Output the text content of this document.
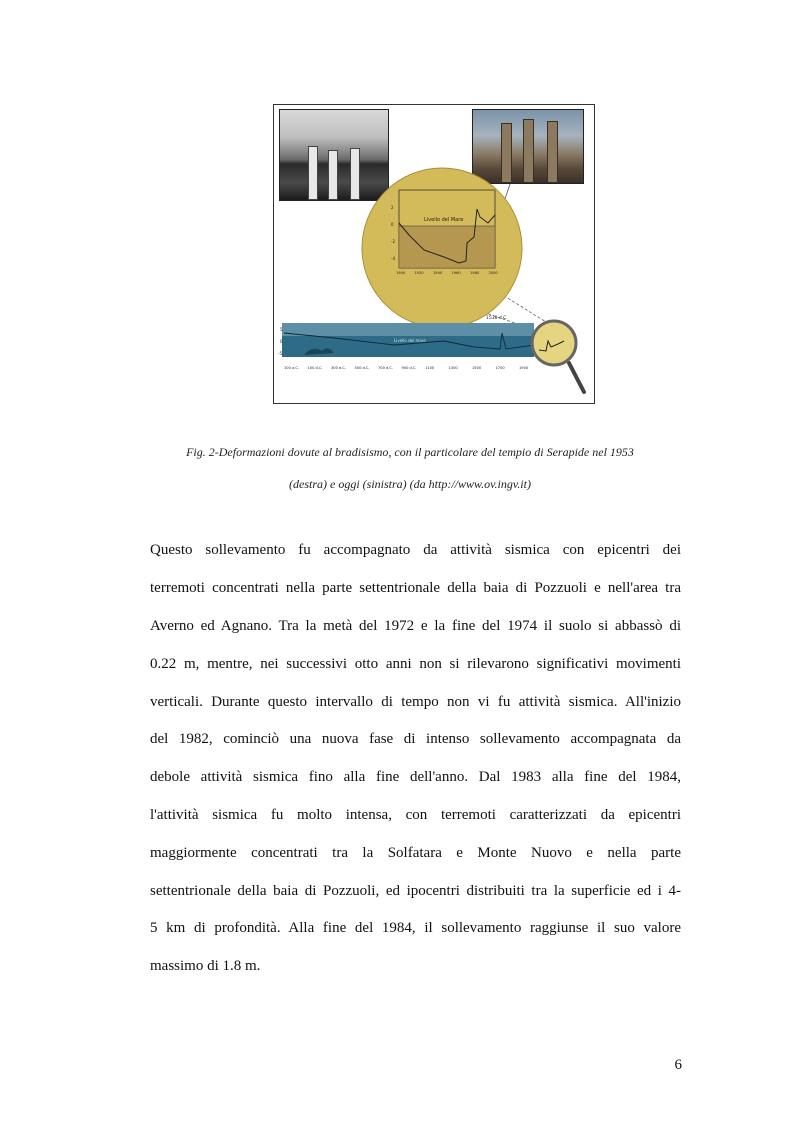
Livello del Mare
2
0
-2
-4
1900	1920	1940	1960	1980	2000
Livello del mare
1538 d.C.
5
0
-5
100 a.C. 100 d.C. 300 d.C. 500 d.C. 700 d.C. 900 d.C. 1100	1300	1500	1700	1900
Fig. 2-Deformazioni dovute al bradisismo, con il particolare del tempio di Serapide nel 1953
(destra) e oggi (sinistra) (da http://www.ov.ingv.it)
Questo sollevamento fu accompagnato da attività sismica con epicentri dei
terremoti concentrati nella parte settentrionale della baia di Pozzuoli e nell'area tra
Averno ed Agnano. Tra la metà del 1972 e la fine del 1974 il suolo si abbassò di
0.22 m, mentre, nei successivi otto anni non si rilevarono significativi movimenti
verticali. Durante questo intervallo di tempo non vi fu attività sismica. All'inizio
del 1982, cominciò una nuova fase di intenso sollevamento accompagnata da
debole attività sismica fino alla fine dell'anno. Dal 1983 alla fine del 1984,
l'attività sismica fu molto intensa, con terremoti caratterizzati da epicentri
maggiormente concentrati tra la Solfatara e Monte Nuovo e nella parte
settentrionale della baia di Pozzuoli, ed ipocentri distribuiti tra la superficie ed i 4-
5 km di profondità. Alla fine del 1984, il sollevamento raggiunse il suo valore
massimo di 1.8 m.
6
